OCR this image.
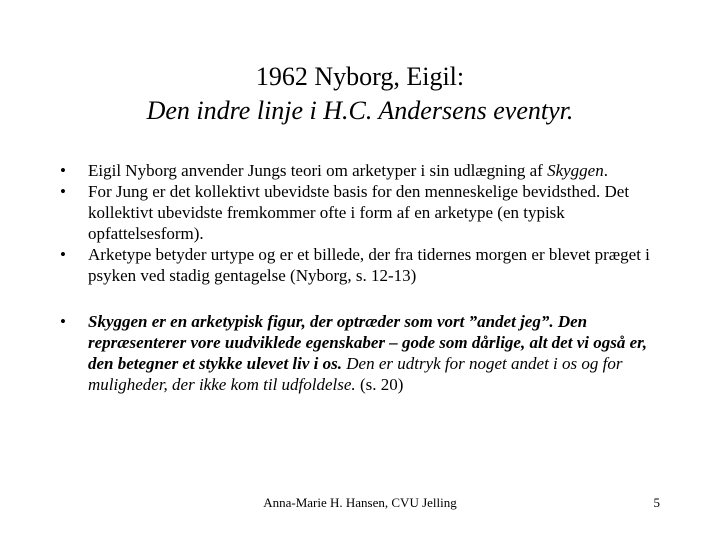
1962 Nyborg, Eigil:
Den indre linje i H.C. Andersens eventyr.
•	Eigil Nyborg anvender Jungs teori om arketyper i sin udlægning af Skyggen.
•	For Jung er det kollektivt ubevidste basis for den menneskelige bevidsthed. Det kollektivt ubevidste fremkommer ofte i form af en arketype (en typisk opfattelsesform).
•	Arketype betyder urtype og er et billede, der fra tidernes morgen er blevet præget i psyken ved stadig gentagelse (Nyborg, s. 12-13)
•	Skyggen er en arketypisk figur, der optræder som vort ”andet jeg”. Den repræsenterer vore uudviklede egenskaber – gode som dårlige, alt det vi også er, den betegner et stykke ulevet liv i os. Den er udtryk for noget andet i os og for muligheder, der ikke kom til udfoldelse. (s. 20)
Anna-Marie H. Hansen, CVU Jelling	5
